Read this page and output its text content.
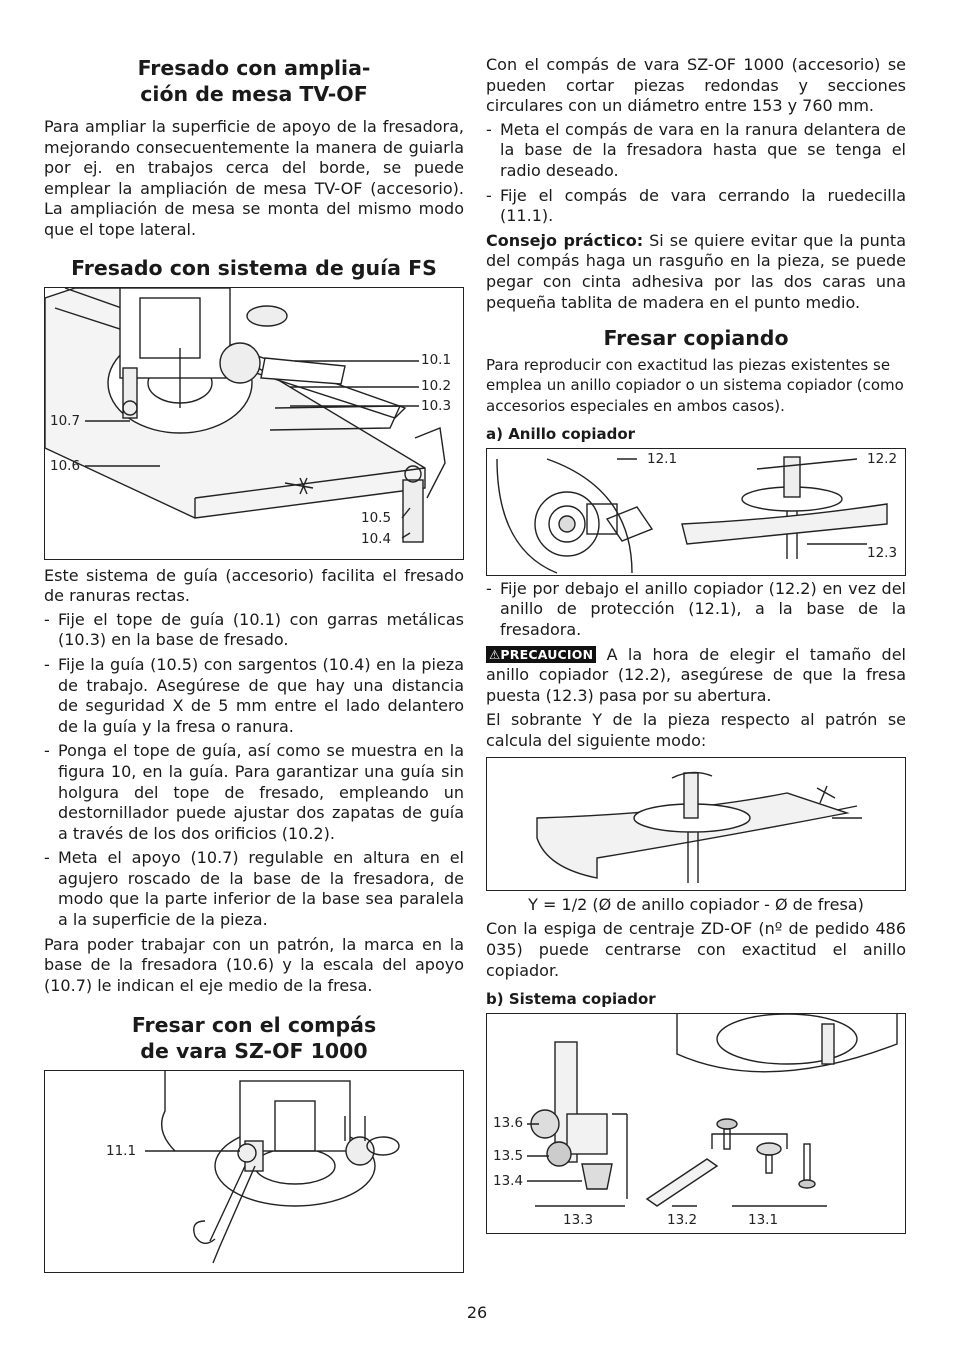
Fresado con amplia-
ción de mesa TV-OF

Para ampliar la superficie de apoyo de la fresadora, mejorando consecuentemente la manera de guiarla por ej. en trabajos cerca del borde, se puede emplear la ampliación de mesa TV-OF (accesorio). La ampliación de mesa se monta del mismo modo que el tope lateral.

Fresado con sistema de guía FS
10.1
10.2
10.3
10.7
10.6
10.5
10.4

Este sistema de guía (accesorio) facilita el fresado de ranuras rectas.

- Fije el tope de guía (10.1) con garras metálicas (10.3) en la base de fresado.
- Fije la guía (10.5) con sargentos (10.4) en la pieza de trabajo. Asegúrese de que hay una distancia de seguridad X de 5 mm entre el lado delantero de la guía y la fresa o ranura.
- Ponga el tope de guía, así como se muestra en la figura 10, en la guía. Para garantizar una guía sin holgura del tope de fresado, empleando un destornillador puede ajustar dos zapatas de guía a través de los dos orificios (10.2).
- Meta el apoyo (10.7) regulable en altura en el agujero roscado de la base de la fresadora, de modo que la parte inferior de la base sea paralela a la superficie de la pieza.

Para poder trabajar con un patrón, la marca en la base de la fresadora (10.6) y la escala del apoyo (10.7) le indican el eje medio de la fresa.

Fresar con el compás
de vara SZ-OF 1000
11.1

Con el compás de vara SZ-OF 1000 (accesorio) se pueden cortar piezas redondas y secciones circulares con un diámetro entre 153 y 760 mm.

- Meta el compás de vara en la ranura delantera de la base de la fresadora hasta que se tenga el radio deseado.
- Fije el compás de vara cerrando la ruedecilla (11.1).

Consejo práctico: Si se quiere evitar que la punta del compás haga un rasguño en la pieza, se puede pegar con cinta adhesiva por las dos caras una pequeña tablita de madera en el punto medio.

Fresar copiando

Para reproducir con exactitud las piezas existentes se emplea un anillo copiador o un sistema copiador (como accesorios especiales en ambos casos).

a) Anillo copiador

12.1	12.2
12.3
- Fije por debajo el anillo copiador (12.2) en vez del anillo de protección (12.1), a la base de la fresadora.

⚠PRECAUCION A la hora de elegir el tamaño del anillo copiador (12.2), asegúrese de que la fresa puesta (12.3) pasa por su abertura.

El sobrante Y de la pieza respecto al patrón se calcula del siguiente modo:

Y = 1/2 (Ø de anillo copiador - Ø de fresa)

Con la espiga de centraje ZD-OF (nº de pedido 486 035) puede centrarse con exactitud el anillo copiador.

b) Sistema copiador

13.6
13.5
13.4
13.3	13.2	13.1
26
